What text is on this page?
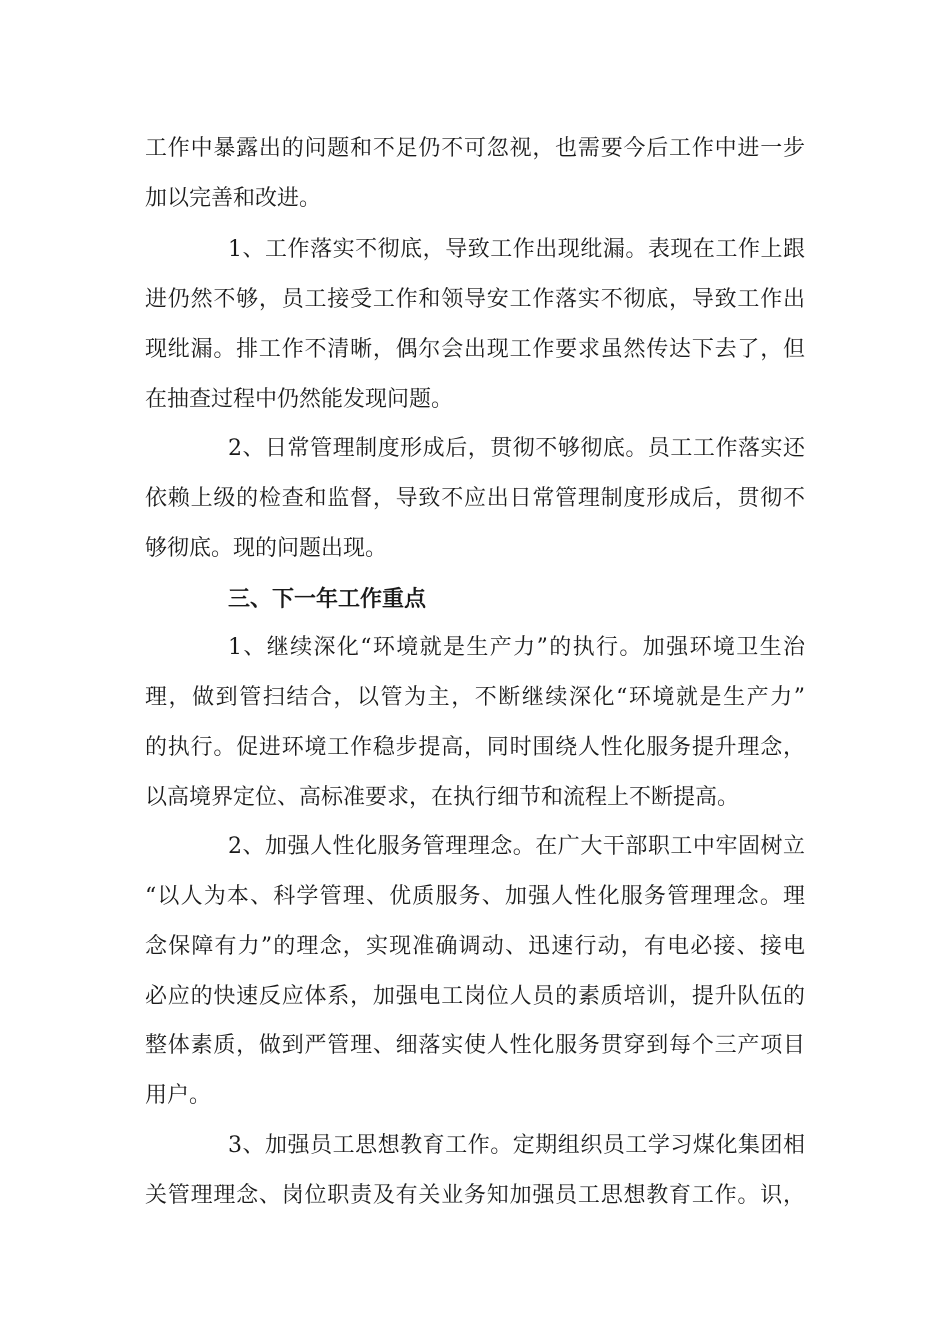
工作中暴露出的问题和不足仍不可忽视，也需要今后工作中进一步
加以完善和改进。
1、工作落实不彻底，导致工作出现纰漏。表现在工作上跟
进仍然不够，员工接受工作和领导安工作落实不彻底，导致工作出
现纰漏。排工作不清晰，偶尔会出现工作要求虽然传达下去了，但
在抽查过程中仍然能发现问题。
2、日常管理制度形成后，贯彻不够彻底。员工工作落实还
依赖上级的检查和监督，导致不应出日常管理制度形成后，贯彻不
够彻底。现的问题出现。
三、下一年工作重点
1、继续深化“环境就是生产力”的执行。加强环境卫生治
理，做到管扫结合，以管为主，不断继续深化“环境就是生产力”
的执行。促进环境工作稳步提高，同时围绕人性化服务提升理念，
以高境界定位、高标准要求，在执行细节和流程上不断提高。
2、加强人性化服务管理理念。在广大干部职工中牢固树立
“以人为本、科学管理、优质服务、加强人性化服务管理理念。理
念保障有力”的理念，实现准确调动、迅速行动，有电必接、接电
必应的快速反应体系，加强电工岗位人员的素质培训，提升队伍的
整体素质，做到严管理、细落实使人性化服务贯穿到每个三产项目
用户。
3、加强员工思想教育工作。定期组织员工学习煤化集团相
关管理理念、岗位职责及有关业务知加强员工思想教育工作。识，
